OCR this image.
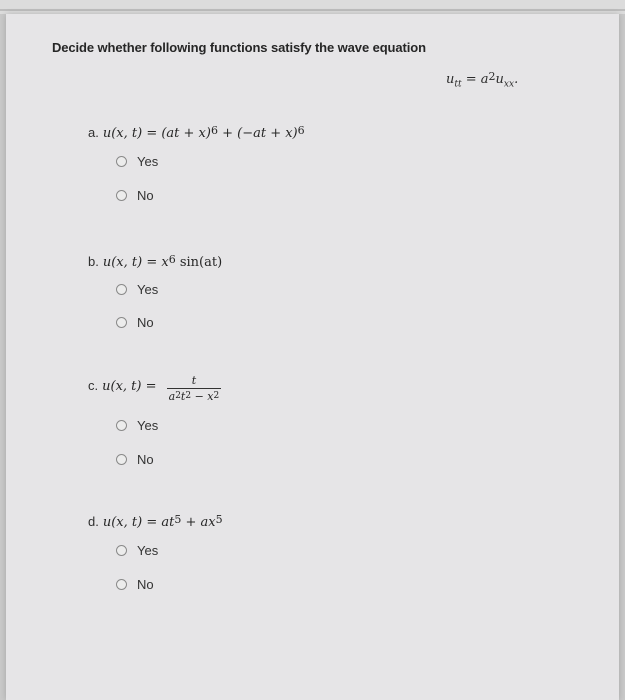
Decide whether following functions satisfy the wave equation
$u_{tt} = a^2u_{xx}$.
a. u(x, $t) = (at + x)^6 + (-at + x)^6$
Yes
No
b. u(x, $t) = x^6$ sin(at)
Yes
No
c. u(x, $t) = \frac{t}{a^2t^2 - x^2}$
Yes
No
d. u(x, $t) = at^5 + ax^5$
Yes
No
